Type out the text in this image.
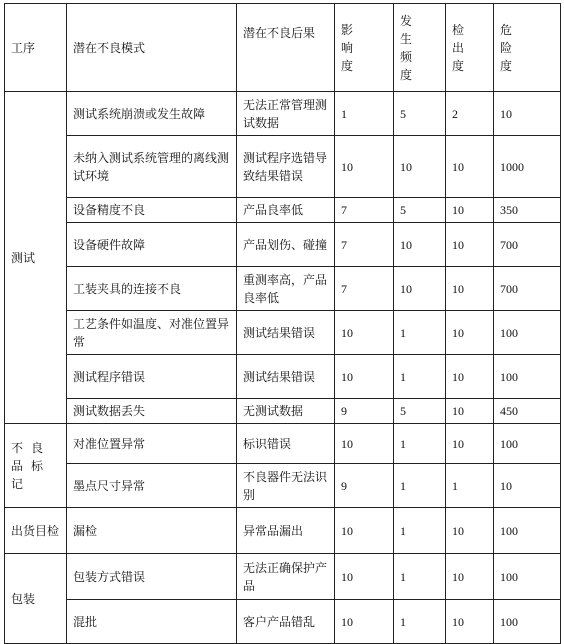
工序	潜在不良模式	潜在不良后果	影响度	发生频度	检出度	危险度
测试	测试系统崩溃或发生故障	无法正常管理测试数据	1	5	2	10
	未纳入测试系统管理的离线测试环境	测试程序选错导致结果错误	10	10	10	1000
	设备精度不良	产品良率低	7	5	10	350
	设备硬件故障	产品划伤、碰撞	7	10	10	700
	工装夹具的连接不良	重测率高，产品良率低	7	10	10	700
	工艺条件如温度、对准位置异常	测试结果错误	10	1	10	100
	测试程序错误	测试结果错误	10	1	10	100
	测试数据丢失	无测试数据	9	5	10	450
不良品标记	对准位置异常	标识错误	10	1	10	100
	墨点尺寸异常	不良器件无法识别	9	1	1	10
出货目检	漏检	异常品漏出	10	1	10	100
包装	包装方式错误	无法正确保护产品	10	1	10	100
	混批	客户产品错乱	10	1	10	100
